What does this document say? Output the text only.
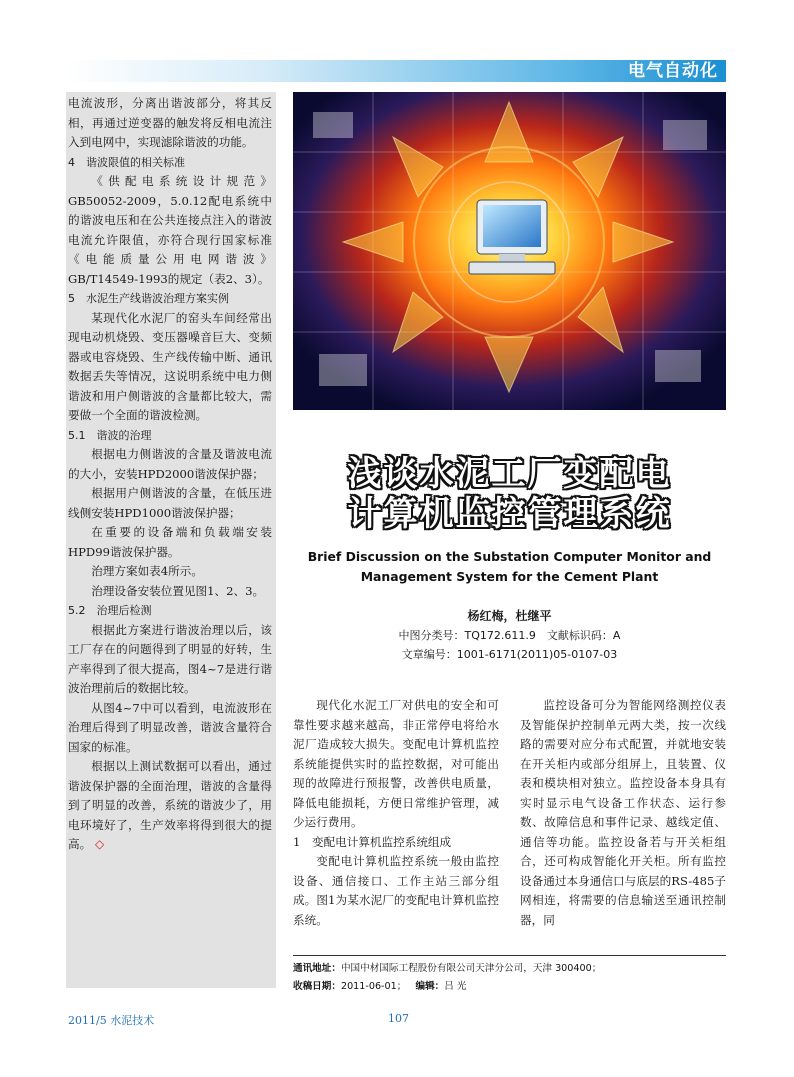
电气自动化

电流波形，分离出谐波部分，将其反相，再通过逆变器的触发将反相电流注入到电网中，实现滤除谐波的功能。

4　谐波限值的相关标准

《供配电系统设计规范》GB50052-2009，5.0.12配电系统中的谐波电压和在公共连接点注入的谐波电流允许限值，亦符合现行国家标准《电能质量公用电网谐波》GB/T14549-1993的规定（表2、3）。

5　水泥生产线谐波治理方案实例

某现代化水泥厂的窑头车间经常出现电动机烧毁、变压器噪音巨大、变频器或电容烧毁、生产线传输中断、通讯数据丢失等情况，这说明系统中电力侧谐波和用户侧谐波的含量都比较大，需要做一个全面的谐波检测。

5.1　谐波的治理

根据电力侧谐波的含量及谐波电流的大小，安装HPD2000谐波保护器；

根据用户侧谐波的含量，在低压进线侧安装HPD1000谐波保护器；

在重要的设备端和负载端安装HPD99谐波保护器。

治理方案如表4所示。

治理设备安装位置见图1、2、3。

5.2　治理后检测

根据此方案进行谐波治理以后，该工厂存在的问题得到了明显的好转，生产率得到了很大提高，图4~7是进行谐波治理前后的数据比较。

从图4~7中可以看到，电流波形在治理后得到了明显改善，谐波含量符合国家的标准。

根据以上测试数据可以看出，通过谐波保护器的全面治理，谐波的含量得到了明显的改善，系统的谐波少了，用电环境好了，生产效率将得到很大的提高。 ◇

浅谈水泥工厂变配电
计算机监控管理系统
Brief Discussion on the Substation Computer Monitor and
Management System for the Cement Plant
杨红梅，杜继平
中图分类号：TQ172.611.9　文献标识码：A
文章编号：1001-6171(2011)05-0107-03

现代化水泥工厂对供电的安全和可靠性要求越来越高，非正常停电将给水泥厂造成较大损失。变配电计算机监控系统能提供实时的监控数据，对可能出现的故障进行预报警，改善供电质量，降低电能损耗，方便日常维护管理，减少运行费用。

1　变配电计算机监控系统组成

变配电计算机监控系统一般由监控设备、通信接口、工作主站三部分组成。图1为某水泥厂的变配电计算机监控系统。

监控设备可分为智能网络测控仪表及智能保护控制单元两大类，按一次线路的需要对应分布式配置，并就地安装在开关柜内或部分组屏上，且装置、仪表和模块相对独立。监控设备本身具有实时显示电气设备工作状态、运行参数、故障信息和事件记录、越线定值、通信等功能。监控设备若与开关柜组合，还可构成智能化开关柜。所有监控设备通过本身通信口与底层的RS-485子网相连，将需要的信息输送至通讯控制器，同

通讯地址：中国中材国际工程股份有限公司天津分公司，天津 300400；
收稿日期：2011-06-01； 编辑：吕 光
2011/5 水泥技术	107
